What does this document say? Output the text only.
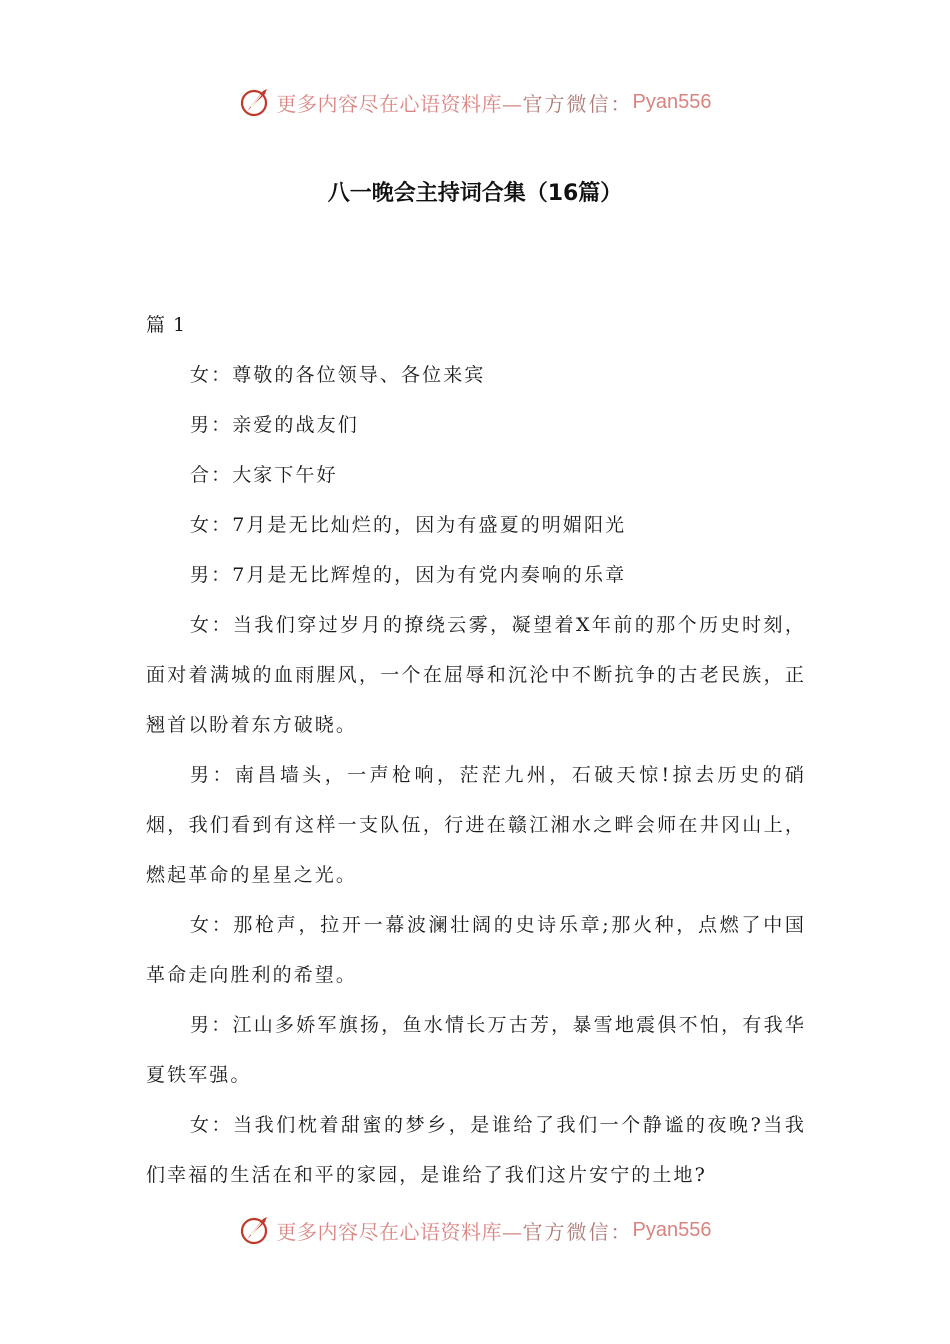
更多内容尽在心语资料库— 官方微信： Pyan556
八一晚会主持词合集（16篇）

篇 1

女：尊敬的各位领导、各位来宾

男：亲爱的战友们

合：大家下午好

女：7月是无比灿烂的，因为有盛夏的明媚阳光

男：7月是无比辉煌的，因为有党内奏响的乐章

女：当我们穿过岁月的撩绕云雾，凝望着X年前的那个历史时刻，面对着满城的血雨腥风，一个在屈辱和沉沦中不断抗争的古老民族，正翘首以盼着东方破晓。

男：南昌墙头，一声枪响，茫茫九州，石破天惊!掠去历史的硝烟，我们看到有这样一支队伍，行进在赣江湘水之畔会师在井冈山上，燃起革命的星星之光。

女：那枪声，拉开一幕波澜壮阔的史诗乐章;那火种，点燃了中国革命走向胜利的希望。

男：江山多娇军旗扬，鱼水情长万古芳，暴雪地震俱不怕，有我华夏铁军强。

女：当我们枕着甜蜜的梦乡，是谁给了我们一个静谧的夜晚?当我们幸福的生活在和平的家园，是谁给了我们这片安宁的土地?

更多内容尽在心语资料库— 官方微信： Pyan556
